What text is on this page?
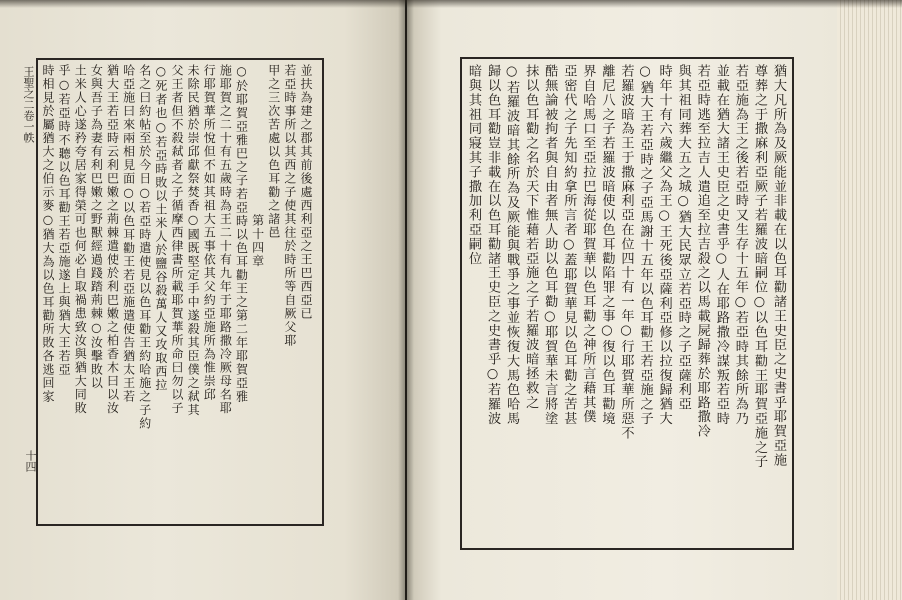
王聖之二卷一帙
十四
並扶為建之郡其前後處西利亞之王巴西亞已
若亞時事所以其西之子使其往於時所等自厥父耶
甲之三次苦處以色耳勸之諸邑
第十四章
○於耶賀亞雅巴之子若亞時以色耳勸王之第二年耶賀亞雅
施耶賀之二十有五歲時為王二十有九年于耶路撒冷厥母名耶
行耶賀華所悅但不如其祖大五事依其父約亞施所為惟崇邱
未除民猶於崇邱獻祭焚香○國既堅定手中遂殺其臣僕之弒其
父王者但不殺弒者之子循摩西律書所載耶賀華所命曰勿以子
○死者也○若亞時敗以土米人於鹽谷殺萬人又攻取西拉
名之曰約帖至於今日○若亞時遣使見以色耳勸王約哈施之子約
哈亞施曰來兩相見面○以色耳勸王若亞施遣使告猶太王若
猶大王若亞時云利巴嫩之荊棘遣使於利巴嫩之柏香木曰以汝
女與吾子為妻有利巴嫩之野獸經過踐踏荊棘○汝擊敗以
土米人心遂矜夸居家得榮可也何必自取禍患致汝與猶大同敗
乎○若亞時不聽以色耳勸王若亞施遂上與猶大王若亞
時相見於屬猶大之伯示麥○猶大為以色耳勸所敗各逃回家	猶大凡所為及厥能並非載在以色耳勸諸王史臣之史書乎耶賀亞施
尊葬之于撒麻利亞厥子若羅波暗嗣位○以色耳勸王耶賀亞施之子
若亞施為王之後若亞時又生存十五年○若亞時其餘所為乃
並載在猶大諸王史臣之史書乎○人在耶路撒冷謀叛若亞時
若亞時逃至拉吉人遣追至拉吉殺之以馬載屍歸葬於耶路撒冷
與其祖同葬大五之城○猶大民眾立若亞時之子亞薩利亞
時年十有六歲繼父為王○王死後亞薩利亞修以拉復歸猶大
○猶大王若亞時之子亞馬謝十五年以色耳勸王若亞施之子
若羅波暗為王于撒麻利亞在位四十有一年○行耶賀華所惡不
離尼八之子若羅波暗使以色耳勸陷罪之事○復以色耳勸境
界自哈馬口至亞拉巴海從耶賀華以色耳勸之神所言藉其僕
亞密代之子先知約拿所言者○蓋耶賀華見以色耳勸之苦甚
酷無論被拘者與自由者無人助以色耳勸○耶賀華未言將塗
抹以色耳勸之名於天下惟藉若亞施之子若羅波暗拯救之
○若羅波暗其餘所為及厥能與戰爭之事並恢復大馬色哈馬
歸以色耳勸豈非載在以色耳勸諸王史臣之史書乎○若羅波
暗與其祖同寢其子撒加利亞嗣位
